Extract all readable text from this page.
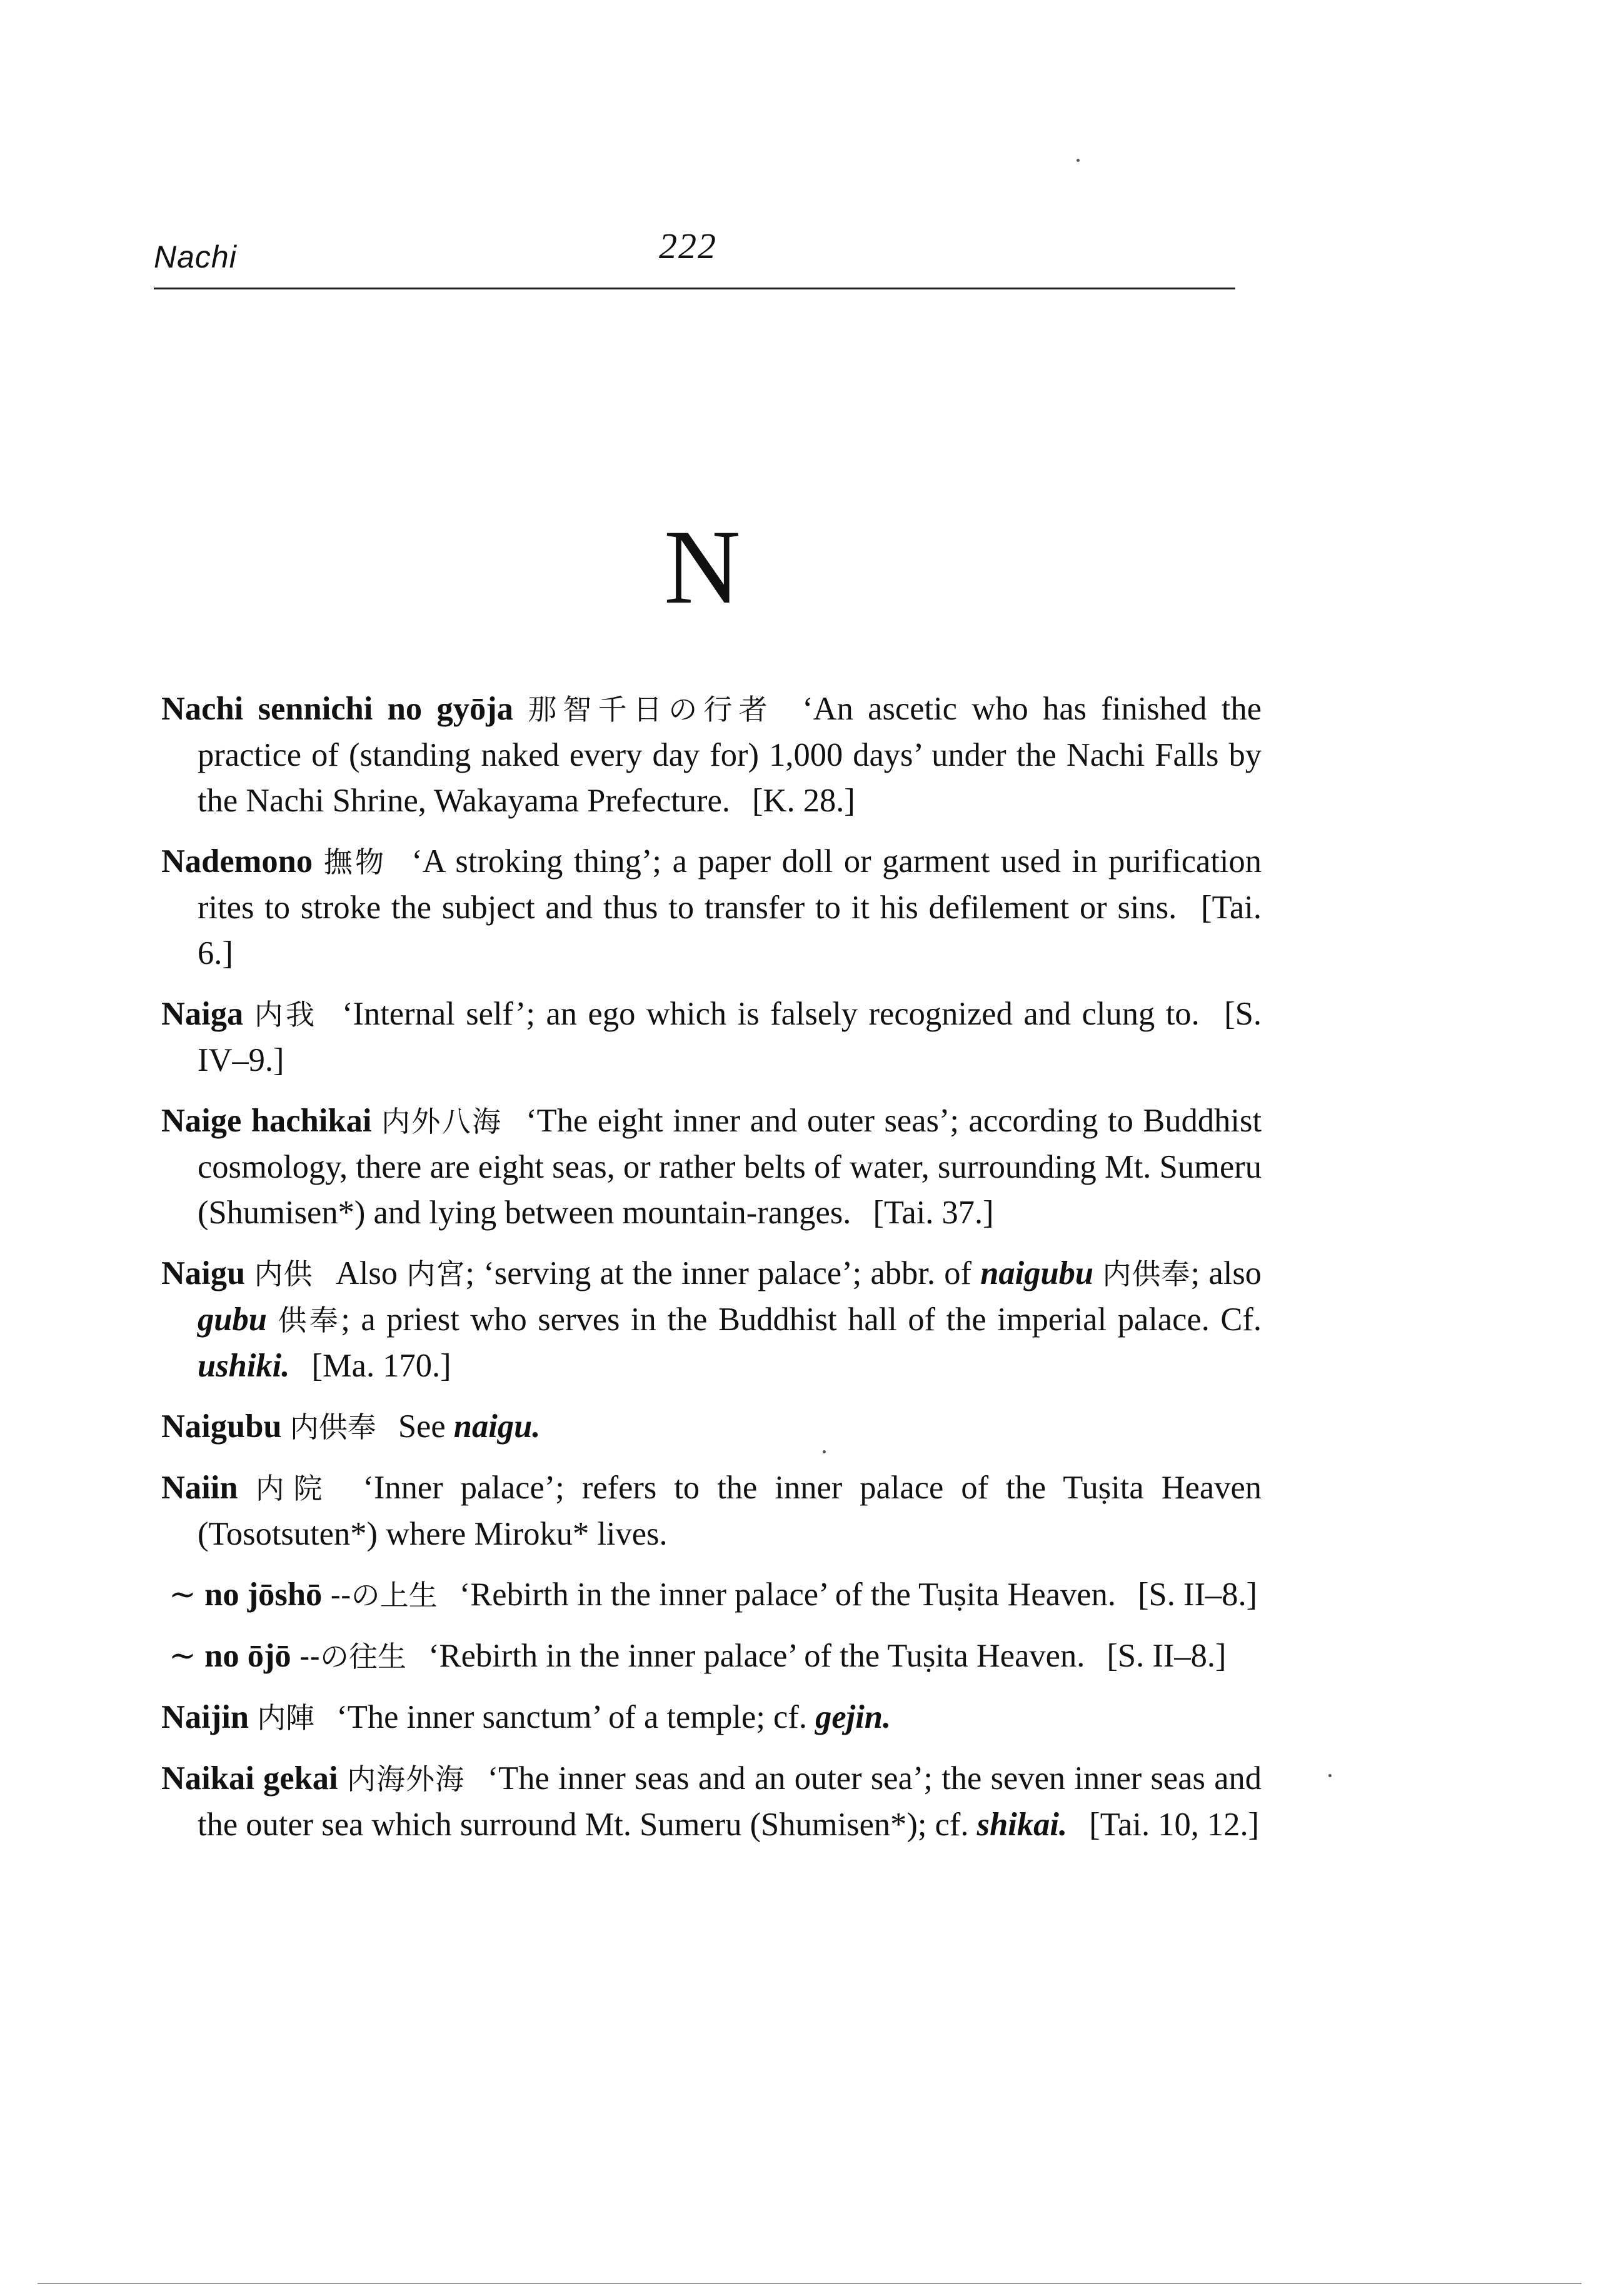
Nachi	222
N

Nachi sennichi no gyōja 那智千日の行者 ‘An ascetic who has finished the practice of (standing naked every day for) 1,000 days’ under the Nachi Falls by the Nachi Shrine, Wakayama Prefecture. [K. 28.]

Nademono 撫物 ‘A stroking thing’; a paper doll or garment used in purification rites to stroke the subject and thus to transfer to it his defilement or sins. [Tai. 6.]

Naiga 内我 ‘Internal self’; an ego which is falsely recognized and clung to. [S. IV–9.]

Naige hachikai 内外八海 ‘The eight inner and outer seas’; according to Buddhist cosmology, there are eight seas, or rather belts of water, surrounding Mt. Sumeru (Shumisen*) and lying between mountain-ranges. [Tai. 37.]

Naigu 内供 Also 内宮; ‘serving at the inner palace’; abbr. of naigubu 内供奉; also gubu 供奉; a priest who serves in the Buddhist hall of the imperial palace. Cf. ushiki. [Ma. 170.]

Naigubu 内供奉 See naigu.

Naiin 内院 ‘Inner palace’; refers to the inner palace of the Tuṣita Heaven (Tosotsuten*) where Miroku* lives.

∼ no jōshō --の上生 ‘Rebirth in the inner palace’ of the Tuṣita Heaven. [S. II–8.]

∼ no ōjō --の往生 ‘Rebirth in the inner palace’ of the Tuṣita Heaven. [S. II–8.]

Naijin 内陣 ‘The inner sanctum’ of a temple; cf. gejin.

Naikai gekai 内海外海 ‘The inner seas and an outer sea’; the seven inner seas and the outer sea which surround Mt. Sumeru (Shumisen*); cf. shikai. [Tai. 10, 12.]
